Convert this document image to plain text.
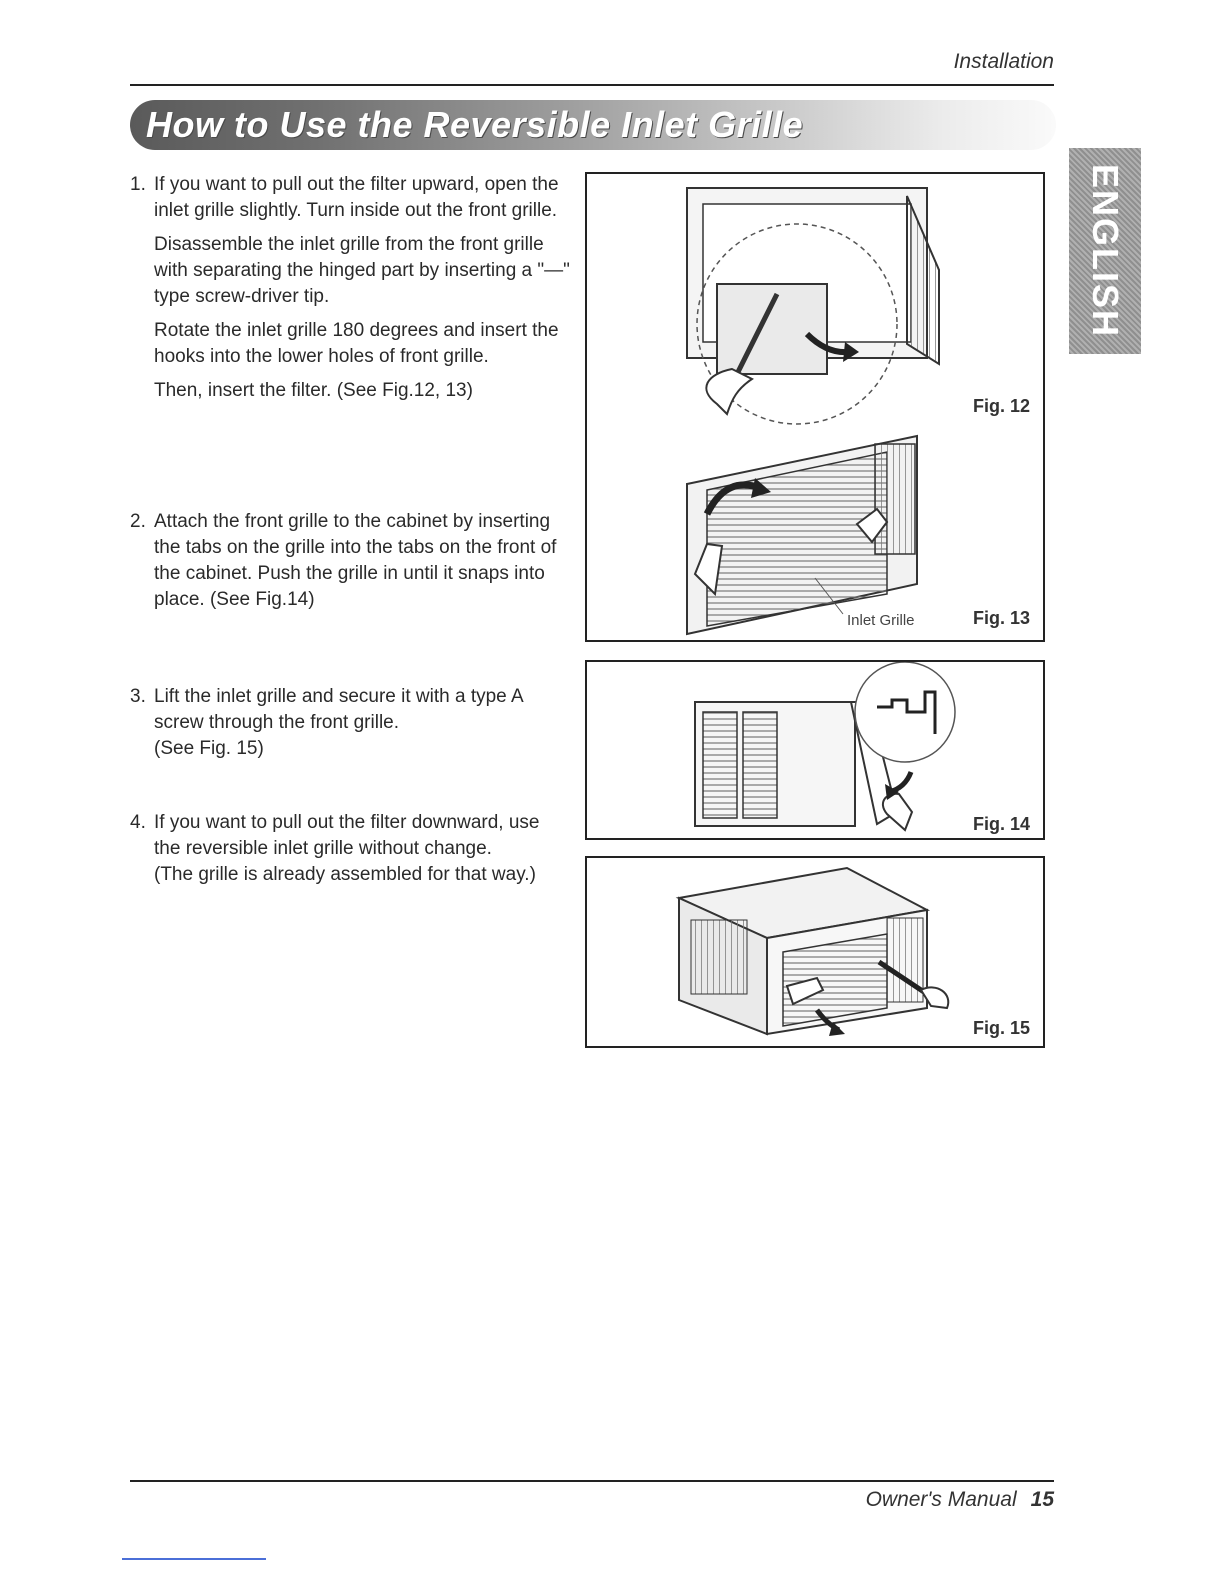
Installation
How to Use the Reversible Inlet Grille
ENGLISH
1. If you want to pull out the filter upward, open the inlet grille slightly. Turn inside out the front grille.

Disassemble the inlet grille from the front grille with separating the hinged part by inserting a "—" type screw-driver tip.

Rotate the inlet grille 180 degrees and insert the hooks into the lower holes of front grille.

Then, insert the filter. (See Fig.12, 13)

2. Attach the front grille to the cabinet by inserting the tabs on the grille into the tabs on the front of the cabinet. Push the grille in until it snaps into place. (See Fig.14)

3. Lift the inlet grille and secure it with a type A screw through the front grille.

(See Fig. 15)

4. If you want to pull out the filter downward, use the reversible inlet grille without change.

(The grille is already assembled for that way.)

Fig. 12
Inlet Grille	Fig. 13
Fig. 14
Fig. 15
Owner's Manual 15
